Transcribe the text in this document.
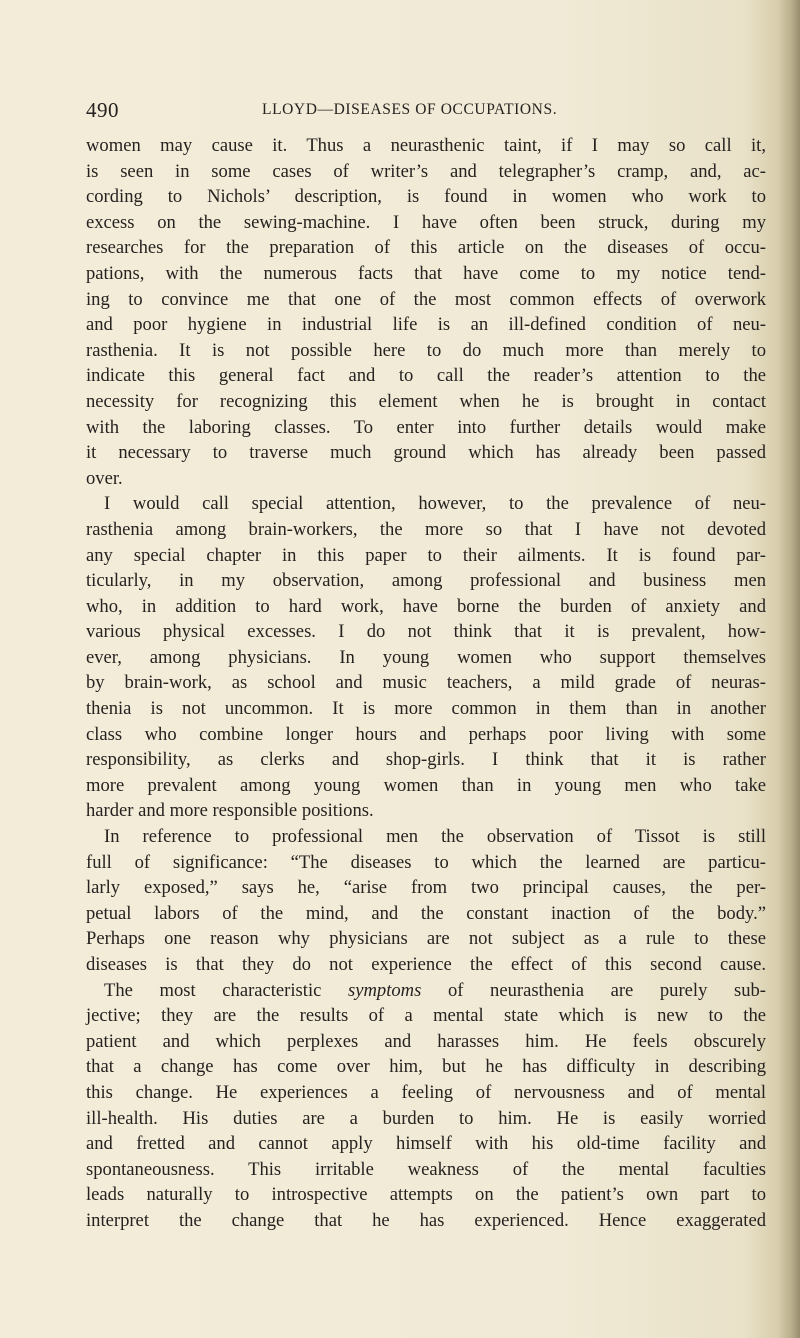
490	LLOYD—DISEASES OF OCCUPATIONS.
women may cause it. Thus a neurasthenic taint, if I may so call it,
is seen in some cases of writer’s and telegrapher’s cramp, and, ac-
cording to Nichols’ description, is found in women who work to
excess on the sewing-machine. I have often been struck, during my
researches for the preparation of this article on the diseases of occu-
pations, with the numerous facts that have come to my notice tend-
ing to convince me that one of the most common effects of overwork
and poor hygiene in industrial life is an ill-defined condition of neu-
rasthenia. It is not possible here to do much more than merely to
indicate this general fact and to call the reader’s attention to the
necessity for recognizing this element when he is brought in contact
with the laboring classes. To enter into further details would make
it necessary to traverse much ground which has already been passed
over.
I would call special attention, however, to the prevalence of neu-
rasthenia among brain-workers, the more so that I have not devoted
any special chapter in this paper to their ailments. It is found par-
ticularly, in my observation, among professional and business men
who, in addition to hard work, have borne the burden of anxiety and
various physical excesses. I do not think that it is prevalent, how-
ever, among physicians. In young women who support themselves
by brain-work, as school and music teachers, a mild grade of neuras-
thenia is not uncommon. It is more common in them than in another
class who combine longer hours and perhaps poor living with some
responsibility, as clerks and shop-girls. I think that it is rather
more prevalent among young women than in young men who take
harder and more responsible positions.
In reference to professional men the observation of Tissot is still
full of significance: “The diseases to which the learned are particu-
larly exposed,” says he, “arise from two principal causes, the per-
petual labors of the mind, and the constant inaction of the body.”
Perhaps one reason why physicians are not subject as a rule to these
diseases is that they do not experience the effect of this second cause.
The most characteristic symptoms of neurasthenia are purely sub-
jective; they are the results of a mental state which is new to the
patient and which perplexes and harasses him. He feels obscurely
that a change has come over him, but he has difficulty in describing
this change. He experiences a feeling of nervousness and of mental
ill-health. His duties are a burden to him. He is easily worried
and fretted and cannot apply himself with his old-time facility and
spontaneousness. This irritable weakness of the mental faculties
leads naturally to introspective attempts on the patient’s own part to
interpret the change that he has experienced. Hence exaggerated
